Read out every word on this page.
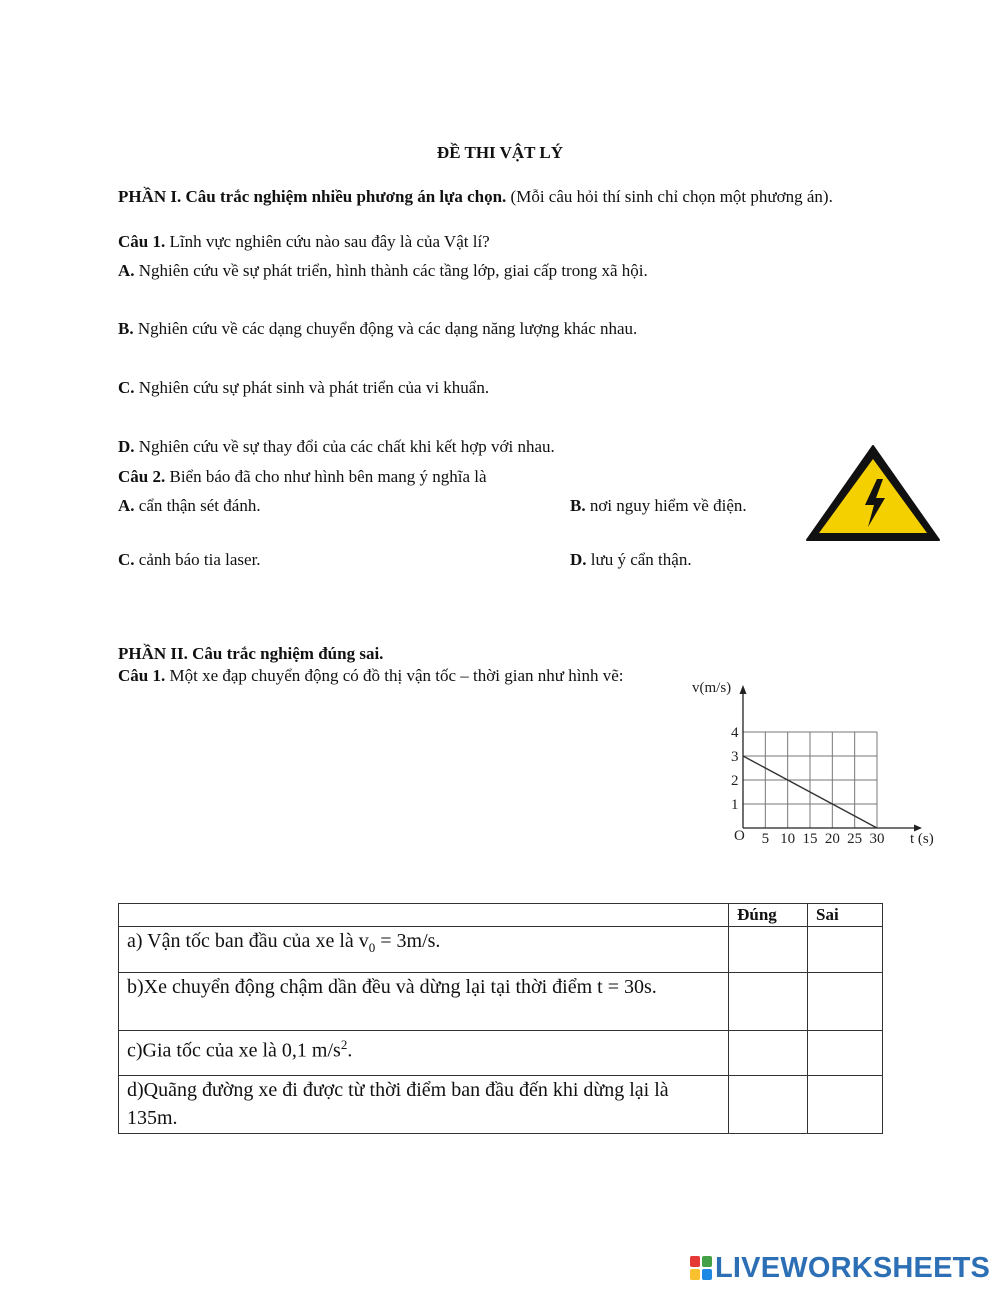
ĐỀ THI VẬT LÝ
PHẦN I. Câu trắc nghiệm nhiều phương án lựa chọn. (Mỗi câu hỏi thí sinh chỉ chọn một phương án).
Câu 1. Lĩnh vực nghiên cứu nào sau đây là của Vật lí?
A. Nghiên cứu về sự phát triển, hình thành các tầng lớp, giai cấp trong xã hội.
B. Nghiên cứu về các dạng chuyển động và các dạng năng lượng khác nhau.
C. Nghiên cứu sự phát sinh và phát triển của vi khuẩn.
D. Nghiên cứu về sự thay đổi của các chất khi kết hợp với nhau.
Câu 2. Biển báo đã cho như hình bên mang ý nghĩa là
A. cẩn thận sét đánh.	B. nơi nguy hiểm về điện.
C. cảnh báo tia laser.	D. lưu ý cẩn thận.
PHẦN II. Câu trắc nghiệm đúng sai.
Câu 1. Một xe đạp chuyển động có đồ thị vận tốc – thời gian như hình vẽ:
v(m/s)
t (s)
O
1
2
3
4
5 10 15 20 25 30
	Đúng	Sai
a) Vận tốc ban đầu của xe là $v_0 = 3m/s$.		
b)Xe chuyển động chậm dần đều và dừng lại tại thời điểm t = 30s.		
c)Gia tốc của xe là 0,1 $m/s^2$.		
d)Quãng đường xe đi được từ thời điểm ban đầu đến khi dừng lại là 135m.		
LIVEWORKSHEETS
